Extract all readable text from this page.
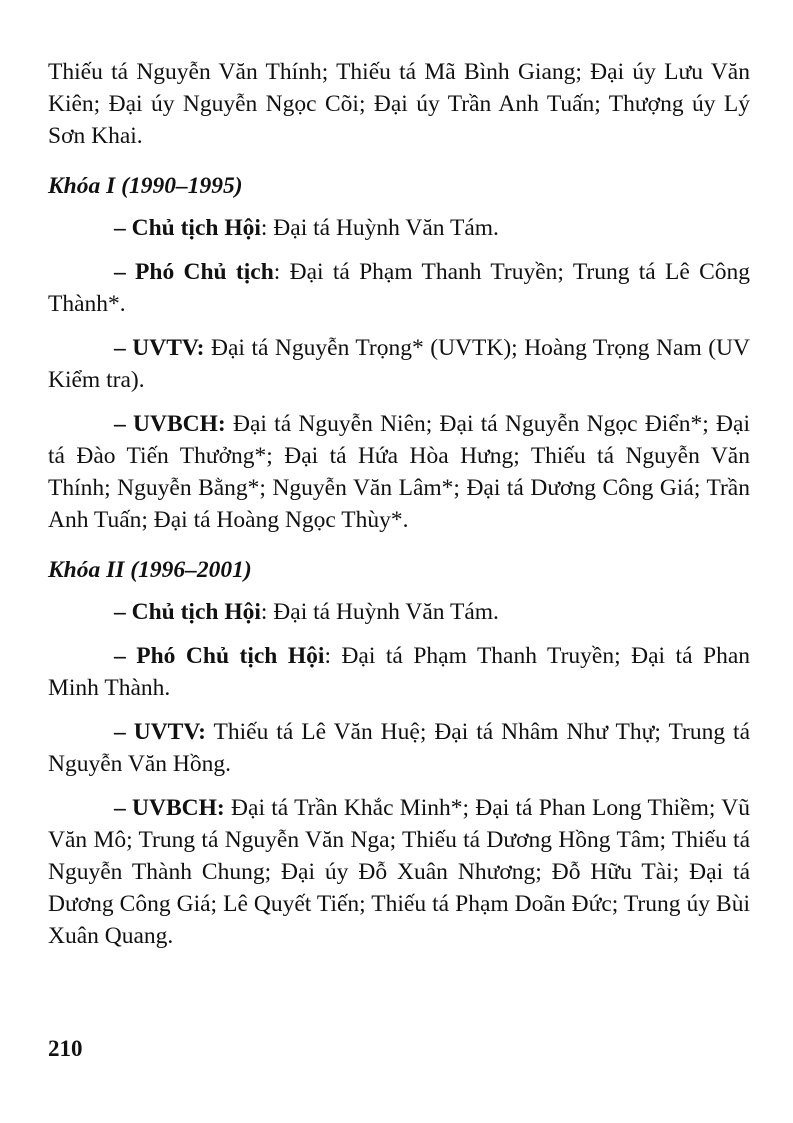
Thiếu tá Nguyễn Văn Thính; Thiếu tá Mã Bình Giang; Đại úy Lưu Văn Kiên; Đại úy Nguyễn Ngọc Cõi; Đại úy Trần Anh Tuấn; Thượng úy Lý Sơn Khai.

Khóa I (1990–1995)

– Chủ tịch Hội: Đại tá Huỳnh Văn Tám.

– Phó Chủ tịch: Đại tá Phạm Thanh Truyền; Trung tá Lê Công Thành*.

– UVTV: Đại tá Nguyễn Trọng* (UVTK); Hoàng Trọng Nam (UV Kiểm tra).

– UVBCH: Đại tá Nguyễn Niên; Đại tá Nguyễn Ngọc Điển*; Đại tá Đào Tiến Thưởng*; Đại tá Hứa Hòa Hưng; Thiếu tá Nguyễn Văn Thính; Nguyễn Bằng*; Nguyễn Văn Lâm*; Đại tá Dương Công Giá; Trần Anh Tuấn; Đại tá Hoàng Ngọc Thùy*.

Khóa II (1996–2001)

– Chủ tịch Hội: Đại tá Huỳnh Văn Tám.

– Phó Chủ tịch Hội: Đại tá Phạm Thanh Truyền; Đại tá Phan Minh Thành.

– UVTV: Thiếu tá Lê Văn Huệ; Đại tá Nhâm Như Thự; Trung tá Nguyễn Văn Hồng.

– UVBCH: Đại tá Trần Khắc Minh*; Đại tá Phan Long Thiềm; Vũ Văn Mô; Trung tá Nguyễn Văn Nga; Thiếu tá Dương Hồng Tâm; Thiếu tá Nguyễn Thành Chung; Đại úy Đỗ Xuân Nhương; Đỗ Hữu Tài; Đại tá Dương Công Giá; Lê Quyết Tiến; Thiếu tá Phạm Doãn Đức; Trung úy Bùi Xuân Quang.

210
